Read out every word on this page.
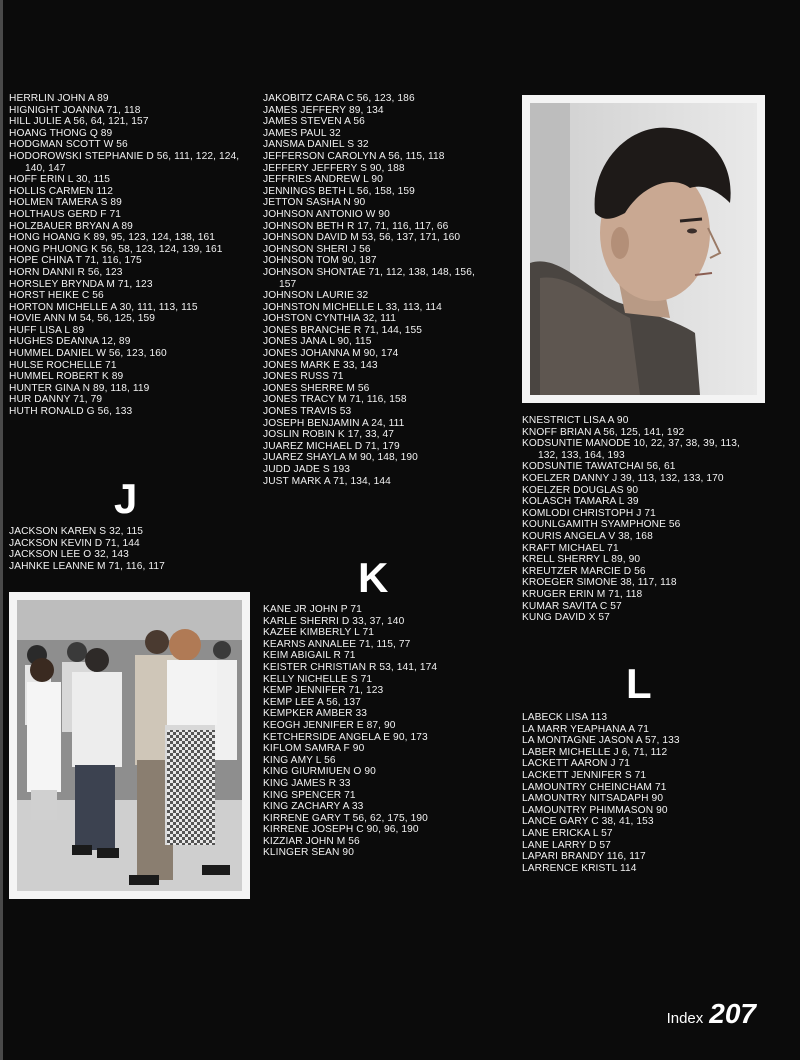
HERRLIN JOHN A 89
HIGNIGHT JOANNA 71, 118
HILL JULIE A 56, 64, 121, 157
HOANG THONG Q 89
HODGMAN SCOTT W 56
HODOROWSKI STEPHANIE D 56, 111, 122, 124,
140, 147
HOFF ERIN L 30, 115
HOLLIS CARMEN 112
HOLMEN TAMERA S 89
HOLTHAUS GERD F 71
HOLZBAUER BRYAN A 89
HONG HOANG K 89, 95, 123, 124, 138, 161
HONG PHUONG K 56, 58, 123, 124, 139, 161
HOPE CHINA T 71, 116, 175
HORN DANNI R 56, 123
HORSLEY BRYNDA M 71, 123
HORST HEIKE C 56
HORTON MICHELLE A 30, 111, 113, 115
HOVIE ANN M 54, 56, 125, 159
HUFF LISA L 89
HUGHES DEANNA 12, 89
HUMMEL DANIEL W 56, 123, 160
HULSE ROCHELLE 71
HUMMEL ROBERT K 89
HUNTER GINA N 89, 118, 119
HUR DANNY 71, 79
HUTH RONALD G 56, 133
J
JACKSON KAREN S 32, 115
JACKSON KEVIN D 71, 144
JACKSON LEE O 32, 143
JAHNKE LEANNE M 71, 116, 117
JAKOBITZ CARA C 56, 123, 186
JAMES JEFFERY 89, 134
JAMES STEVEN A 56
JAMES PAUL 32
JANSMA DANIEL S 32
JEFFERSON CAROLYN A 56, 115, 118
JEFFERY JEFFERY S 90, 188
JEFFRIES ANDREW L 90
JENNINGS BETH L 56, 158, 159
JETTON SASHA N 90
JOHNSON ANTONIO W 90
JOHNSON BETH R 17, 71, 116, 117, 66
JOHNSON DAVID M 53, 56, 137, 171, 160
JOHNSON SHERI J 56
JOHNSON TOM 90, 187
JOHNSON SHONTAE 71, 112, 138, 148, 156,
157
JOHNSON LAURIE 32
JOHNSTON MICHELLE L 33, 113, 114
JOHSTON CYNTHIA 32, 111
JONES BRANCHE R 71, 144, 155
JONES JANA L 90, 115
JONES JOHANNA M 90, 174
JONES MARK E 33, 143
JONES RUSS 71
JONES SHERRE M 56
JONES TRACY M 71, 116, 158
JONES TRAVIS 53
JOSEPH BENJAMIN A 24, 111
JOSLIN ROBIN K 17, 33, 47
JUAREZ MICHAEL D 71, 179
JUAREZ SHAYLA M 90, 148, 190
JUDD JADE S 193
JUST MARK A 71, 134, 144
K
KANE JR JOHN P 71
KARLE SHERRI D 33, 37, 140
KAZEE KIMBERLY L 71
KEARNS ANNALEE 71, 115, 77
KEIM ABIGAIL R 71
KEISTER CHRISTIAN R 53, 141, 174
KELLY NICHELLE S 71
KEMP JENNIFER 71, 123
KEMP LEE A 56, 137
KEMPKER AMBER 33
KEOGH JENNIFER E 87, 90
KETCHERSIDE ANGELA E 90, 173
KIFLOM SAMRA F 90
KING AMY L 56
KING GIURMIUEN O 90
KING JAMES R 33
KING SPENCER 71
KING ZACHARY A 33
KIRRENE GARY T 56, 62, 175, 190
KIRRENE JOSEPH C 90, 96, 190
KIZZIAR JOHN M 56
KLINGER SEAN 90
KNESTRICT LISA A 90
KNOFF BRIAN A 56, 125, 141, 192
KODSUNTIE MANODE 10, 22, 37, 38, 39, 113,
132, 133, 164, 193
KODSUNTIE TAWATCHAI 56, 61
KOELZER DANNY J 39, 113, 132, 133, 170
KOELZER DOUGLAS 90
KOLASCH TAMARA L 39
KOMLODI CHRISTOPH J 71
KOUNLGAMITH SYAMPHONE 56
KOURIS ANGELA V 38, 168
KRAFT MICHAEL 71
KRELL SHERRY L 89, 90
KREUTZER MARCIE D 56
KROEGER SIMONE 38, 117, 118
KRUGER ERIN M 71, 118
KUMAR SAVITA C 57
KUNG DAVID X 57
L
LABECK LISA 113
LA MARR YEAPHANA A 71
LA MONTAGNE JASON A 57, 133
LABER MICHELLE J 6, 71, 112
LACKETT AARON J 71
LACKETT JENNIFER S 71
LAMOUNTRY CHEINCHAM 71
LAMOUNTRY NITSADAPH 90
LAMOUNTRY PHIMMASON 90
LANCE GARY C 38, 41, 153
LANE ERICKA L 57
LANE LARRY D 57
LAPARI BRANDY 116, 117
LARRENCE KRISTL 114
Index 207
